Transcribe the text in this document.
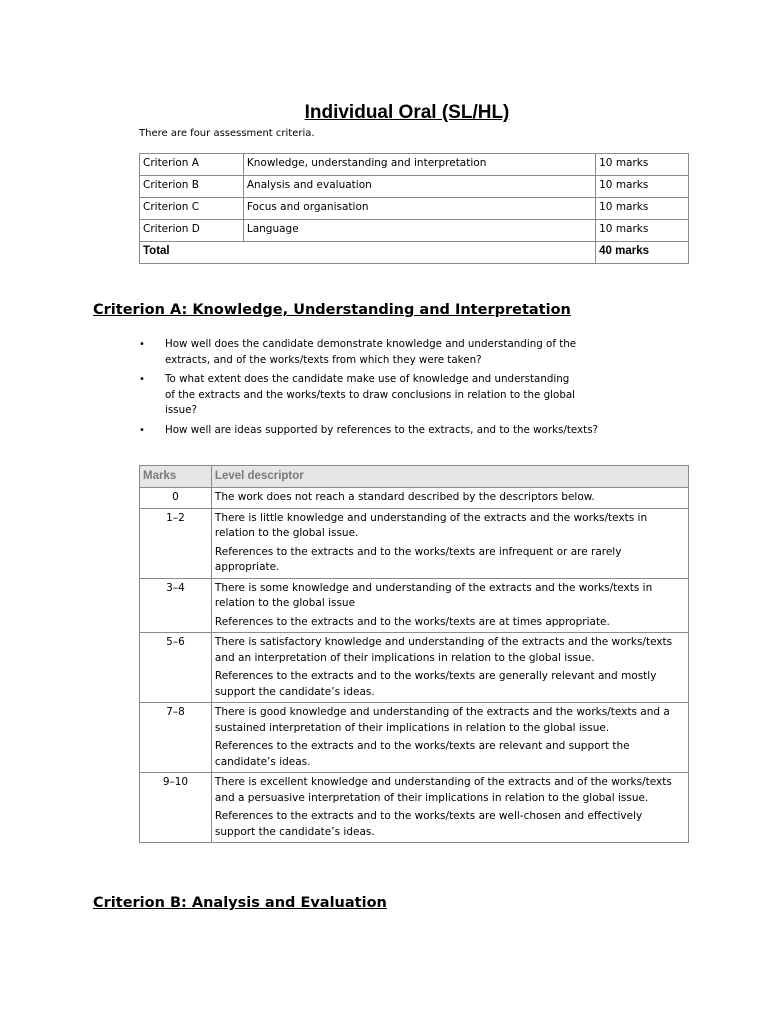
Individual Oral (SL/HL)
There are four assessment criteria.
Criterion A	Knowledge, understanding and interpretation	10 marks
Criterion B	Analysis and evaluation	10 marks
Criterion C	Focus and organisation	10 marks
Criterion D	Language	10 marks
Total		40 marks
Criterion A: Knowledge, Understanding and Interpretation
• How well does the candidate demonstrate knowledge and understanding of the extracts, and of the works/texts from which they were taken?
• To what extent does the candidate make use of knowledge and understanding of the extracts and the works/texts to draw conclusions in relation to the global issue?
• How well are ideas supported by references to the extracts, and to the works/texts?
Marks	Level descriptor
0	The work does not reach a standard described by the descriptors below.

1–2	There is little knowledge and understanding of the extracts and the works/texts in relation to the global issue.

References to the extracts and to the works/texts are infrequent or are rarely appropriate.

3–4	There is some knowledge and understanding of the extracts and the works/texts in relation to the global issue

References to the extracts and to the works/texts are at times appropriate.

5–6	There is satisfactory knowledge and understanding of the extracts and the works/texts and an interpretation of their implications in relation to the global issue.

References to the extracts and to the works/texts are generally relevant and mostly support the candidate’s ideas.

7–8	There is good knowledge and understanding of the extracts and the works/texts and a sustained interpretation of their implications in relation to the global issue.

References to the extracts and to the works/texts are relevant and support the candidate’s ideas.

9–10	There is excellent knowledge and understanding of the extracts and of the works/texts and a persuasive interpretation of their implications in relation to the global issue.

References to the extracts and to the works/texts are well-chosen and effectively support the candidate’s ideas.

Criterion B: Analysis and Evaluation
